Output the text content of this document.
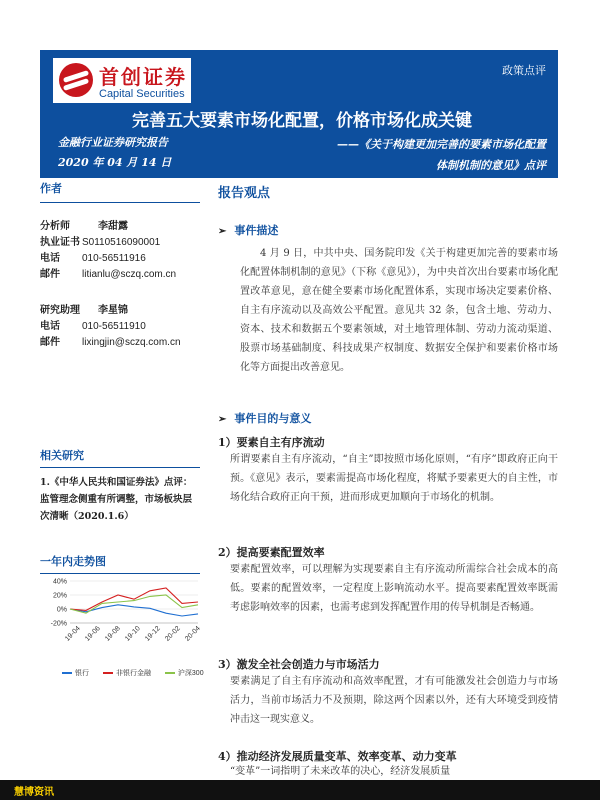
首创证券
Capital Securities
政策点评
完善五大要素市场化配置，价格市场化成关键
金融行业证券研究报告
2020 年 04 月 14 日
——《关于构建更加完善的要素市场化配置
体制机制的意见》点评
作者
分析师	李甜露
执业证书 S0110516090001
电话 010-56511916
邮件 litianlu@sczq.com.cn
研究助理 李星锦
电话 010-56511910
邮件 lixingjin@sczq.com.cn
相关研究
1.《中华人民共和国证券法》点评：监管理念侧重有所调整，市场板块层次清晰（2020.1.6）
一年内走势图
40%
20%
0%
-20%
19-04 19-06 19-08 19-10 19-12 20-02 20-04
银行	非银行金融	沪深300
报告观点
➢ 事件描述
4 月 9 日，中共中央、国务院印发《关于构建更加完善的要素市场化配置体制机制的意见》（下称《意见》），为中央首次出台要素市场化配置改革意见，意在健全要素市场化配置体系，实现市场决定要素价格、自主有序流动以及高效公平配置。意见共 32 条，包含土地、劳动力、资本、技术和数据五个要素领域，对土地管理体制、劳动力流动渠道、股票市场基础制度、科技成果产权制度、数据安全保护和要素价格市场化等方面提出改善意见。
➢ 事件目的与意义
1）要素自主有序流动
所谓要素自主有序流动，“自主”即按照市场化原则，“有序”即政府正向干预。《意见》表示，要素需提高市场化程度，将赋予要素更大的自主性，市场化结合政府正向干预，进而形成更加顺向于市场化的机制。
2）提高要素配置效率
要素配置效率，可以理解为实现要素自主有序流动所需综合社会成本的高低。要素的配置效率，一定程度上影响流动水平。提高要素配置效率既需考虑影响效率的因素，也需考虑到发挥配置作用的传导机制是否畅通。
3）激发全社会创造力与市场活力
要素满足了自主有序流动和高效率配置，才有可能激发社会创造力与市场活力，当前市场活力不及预期，除这两个因素以外，还有大环境受到疫情冲击这一现实意义。
4）推动经济发展质量变革、效率变革、动力变革
“变革”一词指明了未来改革的决心，经济发展质量
慧博资讯
